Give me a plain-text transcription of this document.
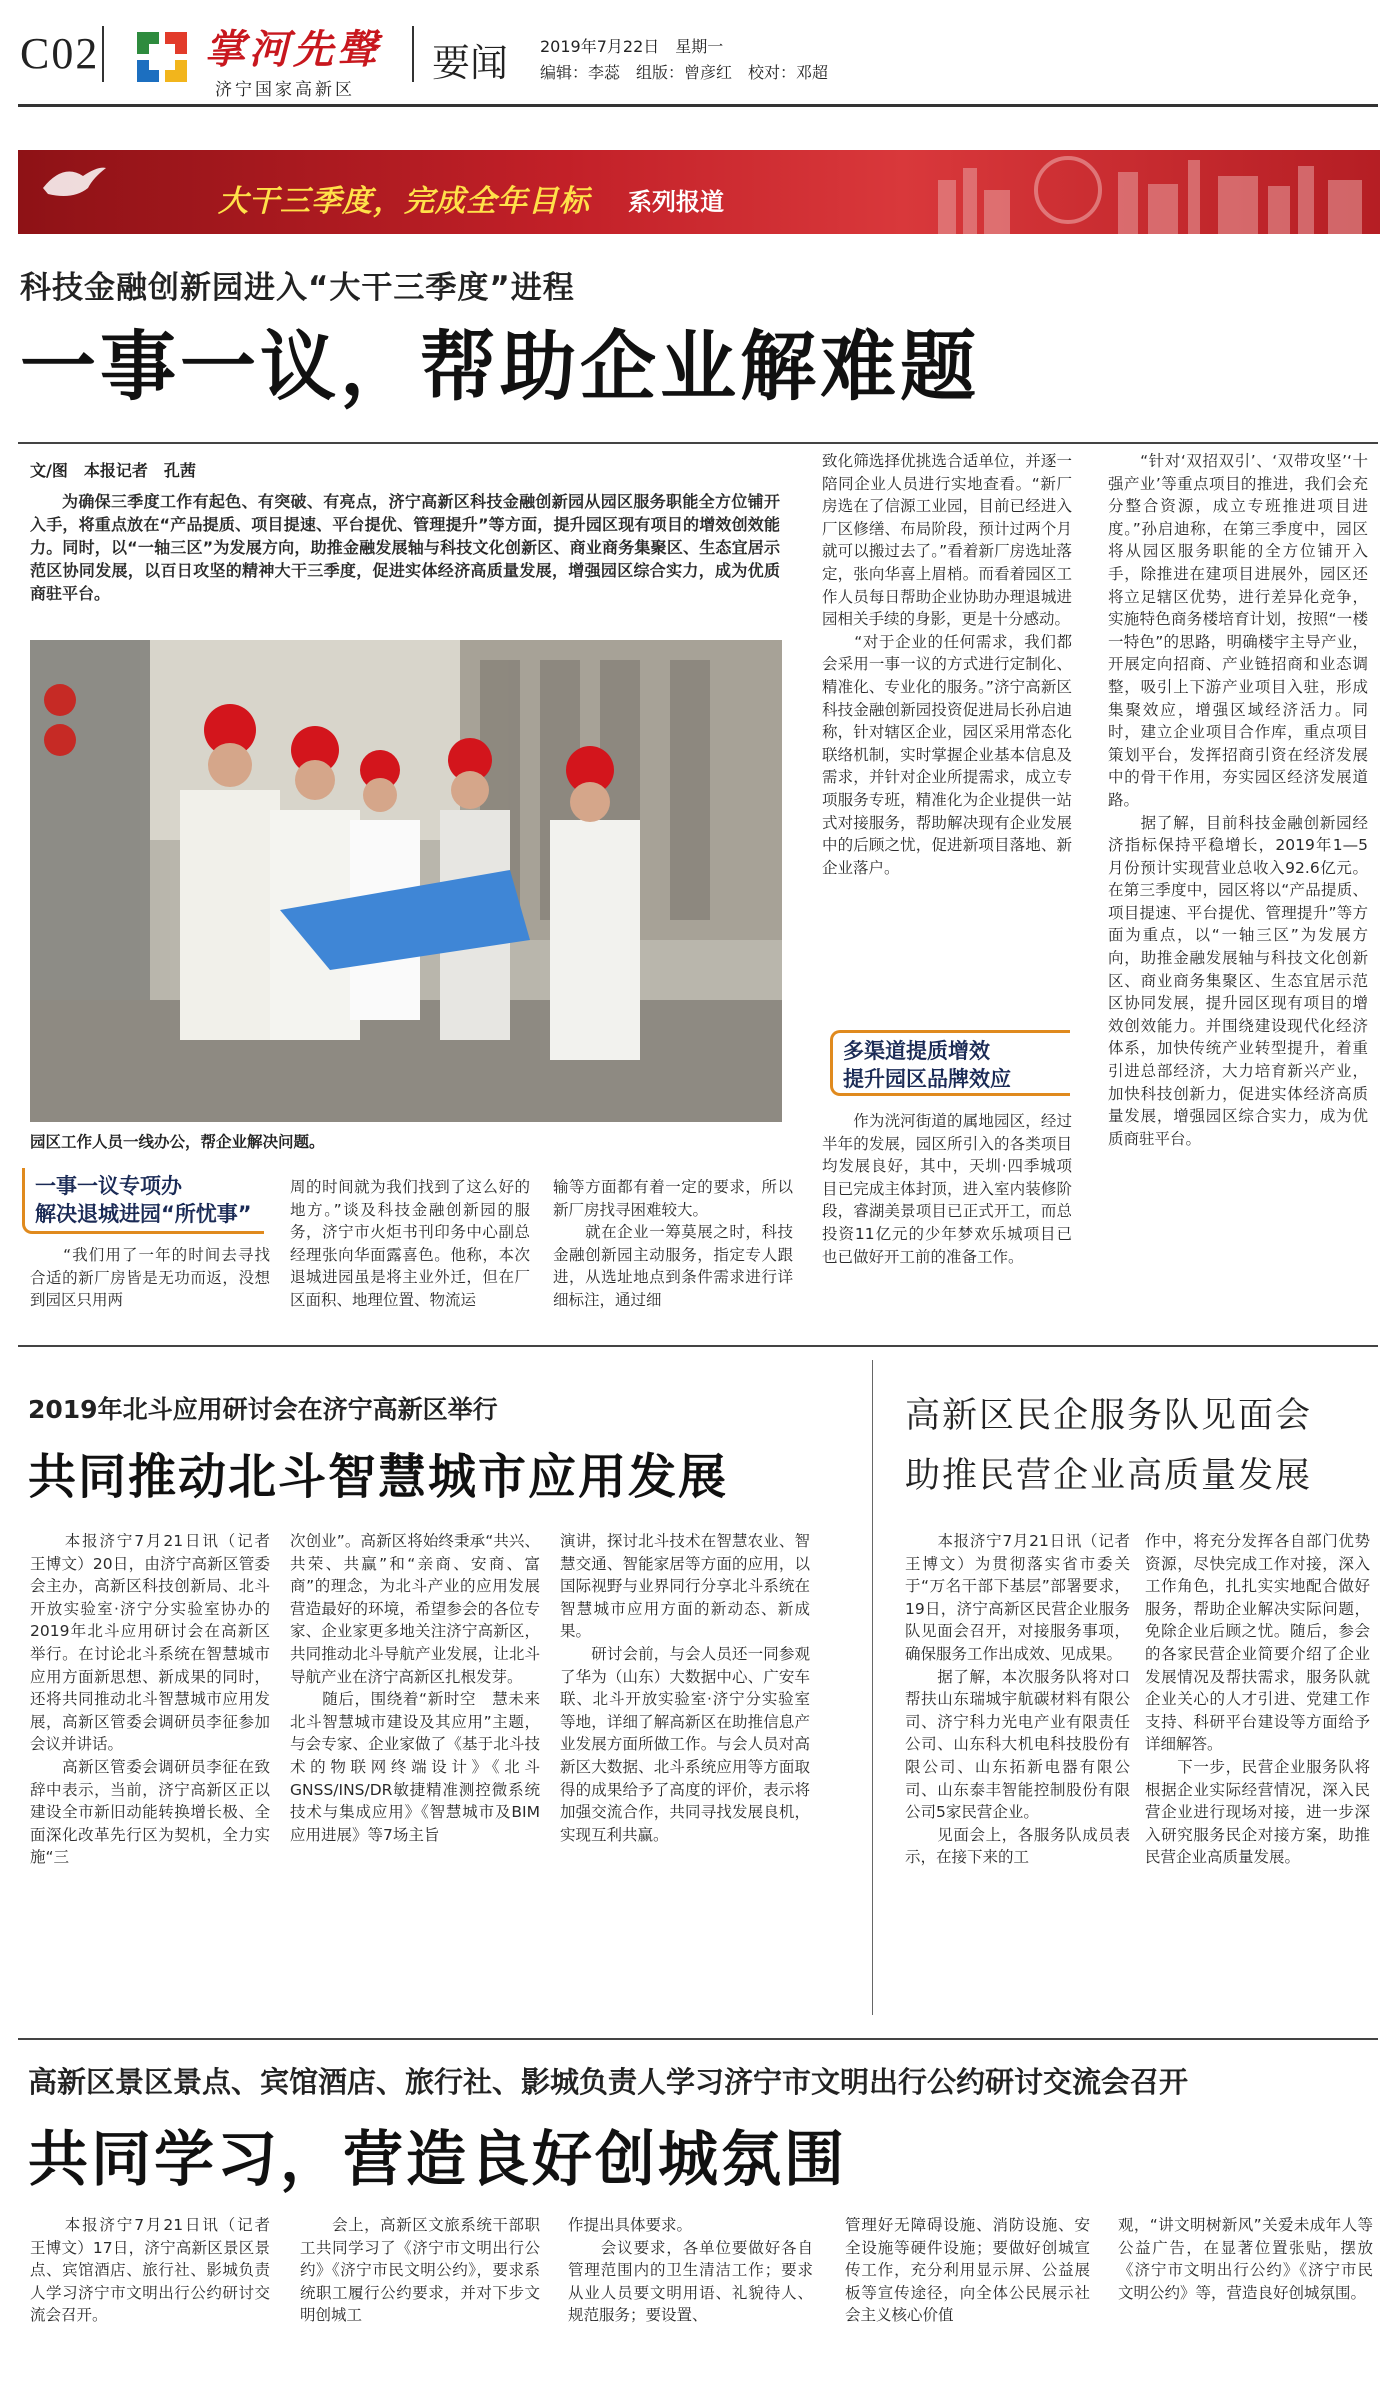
C02	掌河先聲
济宁国家高新区
要闻 2019年7月22日　星期一
编辑：李蕊　组版：曾彦红　校对：邓超
大干三季度，完成全年目标 系列报道
科技金融创新园进入“大干三季度”进程
一事一议，帮助企业解难题
文/图　本报记者　孔茜
为确保三季度工作有起色、有突破、有亮点，济宁高新区科技金融创新园从园区服务职能全方位铺开入手，将重点放在“产品提质、项目提速、平台提优、管理提升”等方面，提升园区现有项目的增效创效能力。同时，以“一轴三区”为发展方向，助推金融发展轴与科技文化创新区、商业商务集聚区、生态宜居示范区协同发展，以百日攻坚的精神大干三季度，促进实体经济高质量发展，增强园区综合实力，成为优质商驻平台。
园区工作人员一线办公，帮企业解决问题。
一事一议专项办
解决退城进园“所忧事”
　　“我们用了一年的时间去寻找合适的新厂房皆是无功而返，没想到园区只用两
周的时间就为我们找到了这么好的地方。”谈及科技金融创新园的服务，济宁市火炬书刊印务中心副总经理张向华面露喜色。他称，本次退城进园虽是将主业外迁，但在厂区面积、地理位置、物流运
输等方面都有着一定的要求，所以新厂房找寻困难较大。
　　就在企业一筹莫展之时，科技金融创新园主动服务，指定专人跟进，从选址地点到条件需求进行详细标注，通过细
致化筛选择优挑选合适单位，并逐一陪同企业人员进行实地查看。“新厂房选在了信源工业园，目前已经进入厂区修缮、布局阶段，预计过两个月就可以搬过去了。”看着新厂房选址落定，张向华喜上眉梢。而看着园区工作人员每日帮助企业协助办理退城进园相关手续的身影，更是十分感动。
　　“对于企业的任何需求，我们都会采用一事一议的方式进行定制化、精准化、专业化的服务。”济宁高新区科技金融创新园投资促进局长孙启迪称，针对辖区企业，园区采用常态化联络机制，实时掌握企业基本信息及需求，并针对企业所提需求，成立专项服务专班，精准化为企业提供一站式对接服务，帮助解决现有企业发展中的后顾之忧，促进新项目落地、新企业落户。
多渠道提质增效
提升园区品牌效应
　　作为洸河街道的属地园区，经过半年的发展，园区所引入的各类项目均发展良好，其中，天圳·四季城项目已完成主体封顶，进入室内装修阶段，睿湖美景项目已正式开工，而总投资11亿元的少年梦欢乐城项目已也已做好开工前的准备工作。
　　“针对‘双招双引’、‘双带攻坚’‘十强产业’等重点项目的推进，我们会充分整合资源，成立专班推进项目进度。”孙启迪称，在第三季度中，园区将从园区服务职能的全方位铺开入手，除推进在建项目进展外，园区还将立足辖区优势，进行差异化竞争，实施特色商务楼培育计划，按照“一楼一特色”的思路，明确楼宇主导产业，开展定向招商、产业链招商和业态调整，吸引上下游产业项目入驻，形成集聚效应，增强区域经济活力。同时，建立企业项目合作库，重点项目策划平台，发挥招商引资在经济发展中的骨干作用，夯实园区经济发展道路。
　　据了解，目前科技金融创新园经济指标保持平稳增长，2019年1—5月份预计实现营业总收入92.6亿元。在第三季度中，园区将以“产品提质、项目提速、平台提优、管理提升”等方面为重点，以“一轴三区”为发展方向，助推金融发展轴与科技文化创新区、商业商务集聚区、生态宜居示范区协同发展，提升园区现有项目的增效创效能力。并围绕建设现代化经济体系，加快传统产业转型提升，着重引进总部经济，大力培育新兴产业，加快科技创新力，促进实体经济高质量发展，增强园区综合实力，成为优质商驻平台。
2019年北斗应用研讨会在济宁高新区举行
共同推动北斗智慧城市应用发展
　　本报济宁7月21日讯（记者　王博文）20日，由济宁高新区管委会主办，高新区科技创新局、北斗开放实验室·济宁分实验室协办的2019年北斗应用研讨会在高新区举行。在讨论北斗系统在智慧城市应用方面新思想、新成果的同时，还将共同推动北斗智慧城市应用发展，高新区管委会调研员李征参加会议并讲话。
　　高新区管委会调研员李征在致辞中表示，当前，济宁高新区正以建设全市新旧动能转换增长极、全面深化改革先行区为契机，全力实施“三
次创业”。高新区将始终秉承“共兴、共荣、共赢”和“亲商、安商、富商”的理念，为北斗产业的应用发展营造最好的环境，希望参会的各位专家、企业家更多地关注济宁高新区，共同推动北斗导航产业发展，让北斗导航产业在济宁高新区扎根发芽。
　　随后，围绕着“新时空　慧未来　北斗智慧城市建设及其应用”主题，与会专家、企业家做了《基于北斗技术的物联网终端设计》《北斗GNSS/INS/DR敏捷精准测控微系统技术与集成应用》《智慧城市及BIM应用进展》等7场主旨
演讲，探讨北斗技术在智慧农业、智慧交通、智能家居等方面的应用，以国际视野与业界同行分享北斗系统在智慧城市应用方面的新动态、新成果。
　　研讨会前，与会人员还一同参观了华为（山东）大数据中心、广安车联、北斗开放实验室·济宁分实验室等地，详细了解高新区在助推信息产业发展方面所做工作。与会人员对高新区大数据、北斗系统应用等方面取得的成果给予了高度的评价，表示将加强交流合作，共同寻找发展良机，实现互利共赢。
高新区民企服务队见面会
助推民营企业高质量发展
　　本报济宁7月21日讯（记者　王博文）为贯彻落实省市委关于“万名干部下基层”部署要求，19日，济宁高新区民营企业服务队见面会召开，对接服务事项，确保服务工作出成效、见成果。
　　据了解，本次服务队将对口帮扶山东瑞城宇航碳材料有限公司、济宁科力光电产业有限责任公司、山东科大机电科技股份有限公司、山东拓新电器有限公司、山东泰丰智能控制股份有限公司5家民营企业。
　　见面会上，各服务队成员表示，在接下来的工
作中，将充分发挥各自部门优势资源，尽快完成工作对接，深入工作角色，扎扎实实地配合做好服务，帮助企业解决实际问题，免除企业后顾之忧。随后，参会的各家民营企业简要介绍了企业发展情况及帮扶需求，服务队就企业关心的人才引进、党建工作支持、科研平台建设等方面给予详细解答。
　　下一步，民营企业服务队将根据企业实际经营情况，深入民营企业进行现场对接，进一步深入研究服务民企对接方案，助推民营企业高质量发展。
高新区景区景点、宾馆酒店、旅行社、影城负责人学习济宁市文明出行公约研讨交流会召开
共同学习，营造良好创城氛围
　　本报济宁7月21日讯（记者　王博文）17日，济宁高新区景区景点、宾馆酒店、旅行社、影城负责人学习济宁市文明出行公约研讨交流会召开。
　　会上，高新区文旅系统干部职工共同学习了《济宁市文明出行公约》《济宁市民文明公约》，要求系统职工履行公约要求，并对下步文明创城工
作提出具体要求。
　　会议要求，各单位要做好各自管理范围内的卫生清洁工作；要求从业人员要文明用语、礼貌待人、规范服务；要设置、
管理好无障碍设施、消防设施、安全设施等硬件设施；要做好创城宣传工作，充分利用显示屏、公益展板等宣传途径，向全体公民展示社会主义核心价值
观，“讲文明树新风”关爱未成年人等公益广告，在显著位置张贴，摆放《济宁市文明出行公约》《济宁市民文明公约》等，营造良好创城氛围。
